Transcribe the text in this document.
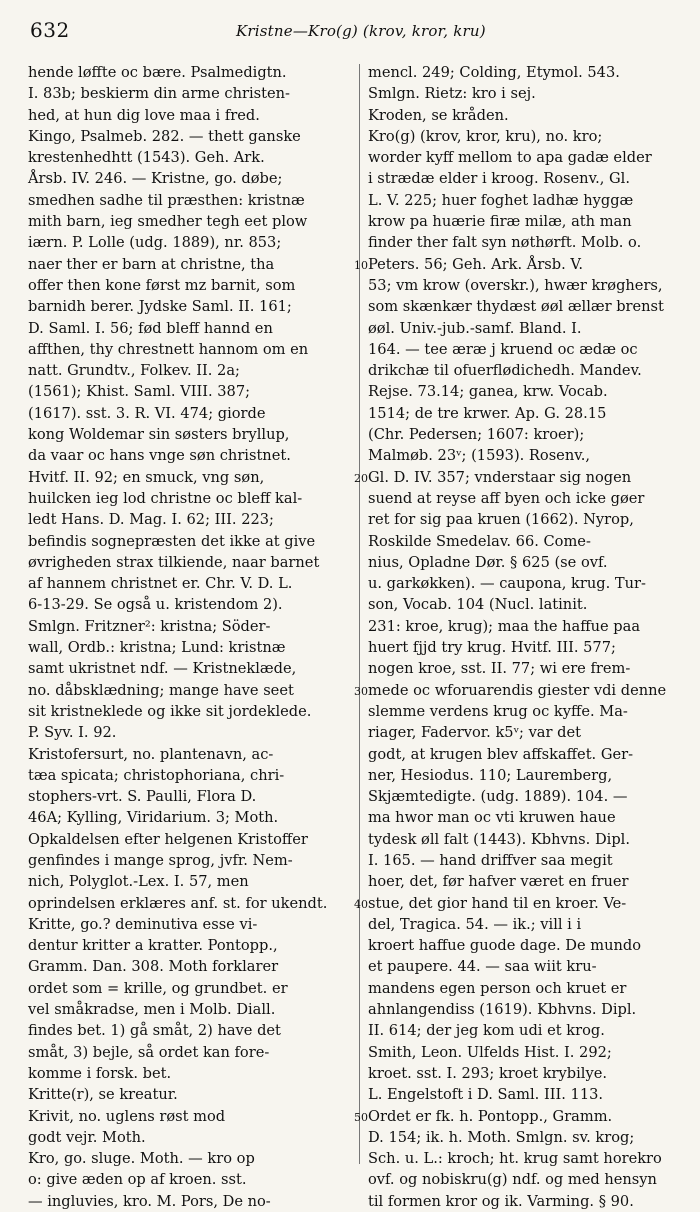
632	Kristne—Kro(g) (krov, kror, kru)
hende løffte oc bære. Psalmedigtn.
I. 83b; beskierm din arme christen-
hed, at hun dig love maa i fred.
Kingo, Psalmeb. 282. — thett ganske
krestenhedhtt (1543). Geh. Ark.
Årsb. IV. 246. — Kristne, go. døbe;
smedhen sadhe til præsthen: kristnæ
mith barn, ieg smedher tegh eet plow
iærn. P. Lolle (udg. 1889), nr. 853;
naer ther er barn at christne, tha
offer then kone først mz barnit, som
barnidh berer. Jydske Saml. II. 161;
D. Saml. I. 56; fød bleff hannd en
affthen, thy chrestnett hannom om en
natt. Grundtv., Folkev. II. 2a;
(1561); Khist. Saml. VIII. 387;
(1617). sst. 3. R. VI. 474; giorde
kong Woldemar sin søsters bryllup,
da vaar oc hans vnge søn christnet.
Hvitf. II. 92; en smuck, vng søn,
huilcken ieg lod christne oc bleff kal-
ledt Hans. D. Mag. I. 62; III. 223;
befindis sognepræsten det ikke at give
øvrigheden strax tilkiende, naar barnet
af hannem christnet er. Chr. V. D. L.
6-13-29. Se også u. kristendom 2).
Smlgn. Fritzner²: kristna; Söder-
wall, Ordb.: kristna; Lund: kristnæ
samt ukristnet ndf. — Kristneklæde,
no. dåbsklædning; mange have seet
sit kristneklede og ikke sit jordeklede.
P. Syv. I. 92.
Kristofersurt, no. plantenavn, ac-
tæa spicata; christophoriana, chri-
stophers-vrt. S. Paulli, Flora D.
46A; Kylling, Viridarium. 3; Moth.
Opkaldelsen efter helgenen Kristoffer
genfindes i mange sprog, jvfr. Nem-
nich, Polyglot.-Lex. I. 57, men
oprindelsen erklæres anf. st. for ukendt.
Kritte, go.? deminutiva esse vi-
dentur kritter a kratter. Pontopp.,
Gramm. Dan. 308. Moth forklarer
ordet som = krille, og grundbet. er
vel småkradse, men i Molb. Diall.
findes bet. 1) gå småt, 2) have det
småt, 3) bejle, så ordet kan fore-
komme i forsk. bet.
Kritte(r), se kreatur.
Krivit, no. uglens røst mod
godt vejr. Moth.
Kro, go. sluge. Moth. — kro op
o: give æden op af kroen. sst.
— ingluvies, kro. M. Pors, De no-
mencl. 249; Colding, Etymol. 543.
Smlgn. Rietz: kro i sej.
Kroden, se kråden.
Kro(g) (krov, kror, kru), no. kro;
worder kyff mellom to apa gadæ elder
i strædæ elder i kroog. Rosenv., Gl.
L. V. 225; huer foghet ladhæ hyggæ
krow pa huærie firæ milæ, ath man
finder ther falt syn nøthørft. Molb. o.
Peters. 56; Geh. Ark. Årsb. V.
53; vm krow (overskr.), hwær krøghers,
som skænkær thydæst øøl ællær brenst
øøl. Univ.-jub.-samf. Bland. I.
164. — tee æræ j kruend oc ædæ oc
drikchæ til ofuerflødichedh. Mandev.
Rejse. 73.14; ganea, krw. Vocab.
1514; de tre krwer. Ap. G. 28.15
(Chr. Pedersen; 1607: kroer);
Malmøb. 23ᵛ; (1593). Rosenv.,
Gl. D. IV. 357; vnderstaar sig nogen
suend at reyse aff byen och icke gøer
ret for sig paa kruen (1662). Nyrop,
Roskilde Smedelav. 66. Come-
nius, Opladne Dør. § 625 (se ovf.
u. garkøkken). — caupona, krug. Tur-
son, Vocab. 104 (Nucl. latinit.
231: kroe, krug); maa the haffue paa
huert fjjd try krug. Hvitf. III. 577;
nogen kroe, sst. II. 77; wi ere frem-
mede oc wforuarendis giester vdi denne
slemme verdens krug oc kyffe. Ma-
riager, Fadervor. k5ᵛ; var det
godt, at krugen blev affskaffet. Ger-
ner, Hesiodus. 110; Lauremberg,
Skjæmtedigte. (udg. 1889). 104. —
ma hwor man oc vti kruwen haue
tydesk øll falt (1443). Kbhvns. Dipl.
I. 165. — hand driffver saa megit
hoer, det, før hafver været en fruer
stue, det gior hand til en kroer. Ve-
del, Tragica. 54. — ik.; vill i i
kroert haffue guode dage. De mundo
et paupere. 44. — saa wiit kru-
mandens egen person och kruet er
ahnlangendiss (1619). Kbhvns. Dipl.
II. 614; der jeg kom udi et krog.
Smith, Leon. Ulfelds Hist. I. 292;
kroet. sst. I. 293; kroet krybilye.
L. Engelstoft i D. Saml. III. 113.
Ordet er fk. h. Pontopp., Gramm.
D. 154; ik. h. Moth. Smlgn. sv. krog;
Sch. u. L.: kroch; ht. krug samt horekro
ovf. og nobiskru(g) ndf. og med hensyn
til formen kror og ik. Varming. § 90.
10
20
30
40
50
